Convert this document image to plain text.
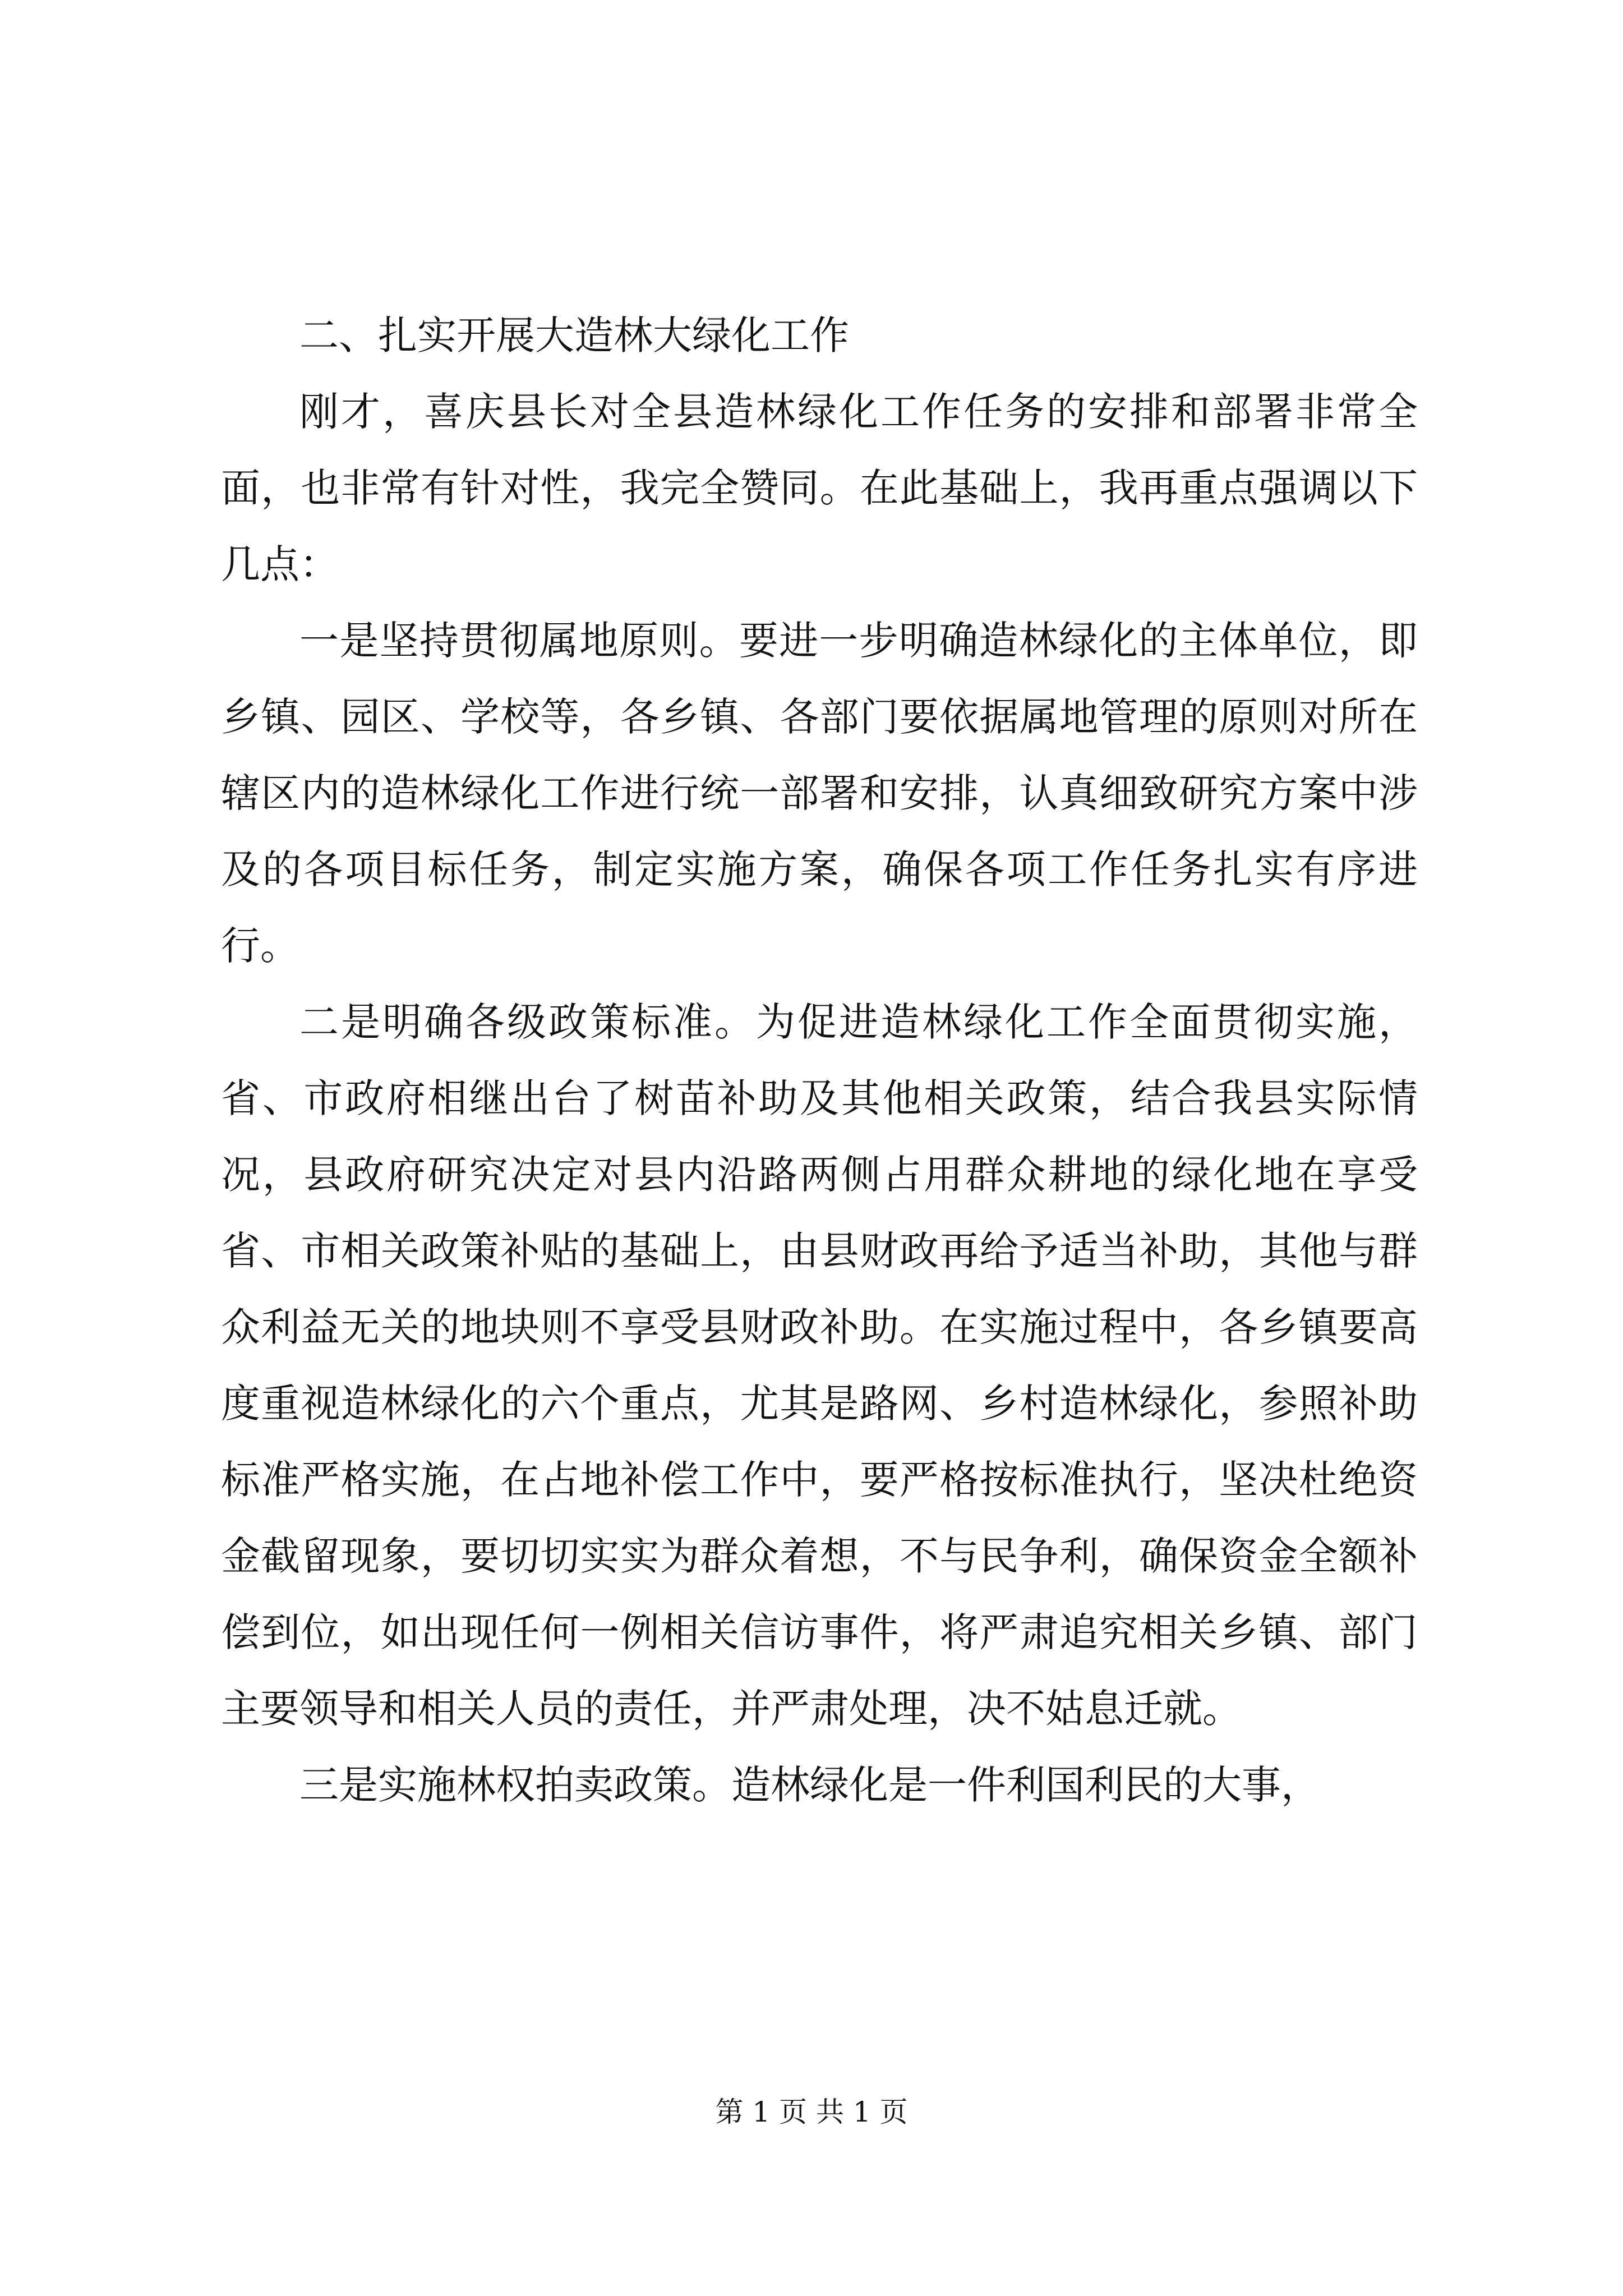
二、扎实开展大造林大绿化工作

刚才，喜庆县长对全县造林绿化工作任务的安排和部署非常全面，也非常有针对性，我完全赞同。在此基础上，我再重点强调以下几点：

一是坚持贯彻属地原则。要进一步明确造林绿化的主体单位，即乡镇、园区、学校等，各乡镇、各部门要依据属地管理的原则对所在辖区内的造林绿化工作进行统一部署和安排，认真细致研究方案中涉及的各项目标任务，制定实施方案，确保各项工作任务扎实有序进行。

二是明确各级政策标准。为促进造林绿化工作全面贯彻实施，省、市政府相继出台了树苗补助及其他相关政策，结合我县实际情况，县政府研究决定对县内沿路两侧占用群众耕地的绿化地在享受省、市相关政策补贴的基础上，由县财政再给予适当补助，其他与群众利益无关的地块则不享受县财政补助。在实施过程中，各乡镇要高度重视造林绿化的六个重点，尤其是路网、乡村造林绿化，参照补助标准严格实施，在占地补偿工作中，要严格按标准执行，坚决杜绝资金截留现象，要切切实实为群众着想，不与民争利，确保资金全额补偿到位，如出现任何一例相关信访事件，将严肃追究相关乡镇、部门主要领导和相关人员的责任，并严肃处理，决不姑息迁就。

三是实施林权拍卖政策。造林绿化是一件利国利民的大事，

第 1 页 共 1 页
